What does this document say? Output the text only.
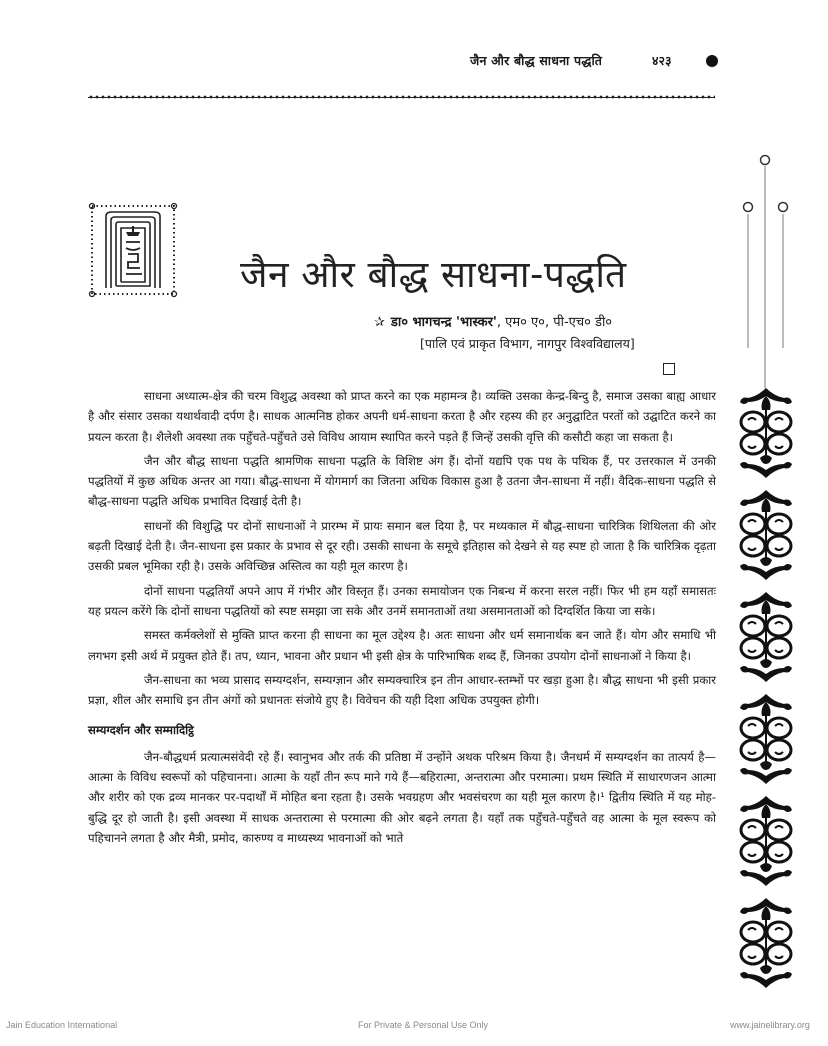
जैन और बौद्ध साधना पद्धति	४२३
जैन और बौद्ध साधना-पद्धति
✰ डा० भागचन्द्र 'भास्कर', एम० ए०, पी-एच० डी०
[पालि एवं प्राकृत विभाग, नागपुर विश्वविद्यालय]

साधना अध्यात्म-क्षेत्र की चरम विशुद्ध अवस्था को प्राप्त करने का एक महामन्त्र है। व्यक्ति उसका केन्द्र-बिन्दु है, समाज उसका बाह्य आधार है और संसार उसका यथार्थवादी दर्पण है। साधक आत्मनिष्ठ होकर अपनी धर्म-साधना करता है और रहस्य की हर अनुद्घाटित परतों को उद्घाटित करने का प्रयत्न करता है। शैलेशी अवस्था तक पहुँचते-पहुँचते उसे विविध आयाम स्थापित करने पड़ते हैं जिन्हें उसकी वृत्ति की कसौटी कहा जा सकता है।

जैन और बौद्ध साधना पद्धति श्रामणिक साधना पद्धति के विशिष्ट अंग हैं। दोनों यद्यपि एक पथ के पथिक हैं, पर उत्तरकाल में उनकी पद्धतियों में कुछ अधिक अन्तर आ गया। बौद्ध-साधना में योगमार्ग का जितना अधिक विकास हुआ है उतना जैन-साधना में नहीं। वैदिक-साधना पद्धति से बौद्ध-साधना पद्धति अधिक प्रभावित दिखाई देती है।

साधनों की विशुद्धि पर दोनों साधनाओं ने प्रारम्भ में प्रायः समान बल दिया है, पर मध्यकाल में बौद्ध-साधना चारित्रिक शिथिलता की ओर बढ़ती दिखाई देती है। जैन-साधना इस प्रकार के प्रभाव से दूर रही। उसकी साधना के समूचे इतिहास को देखने से यह स्पष्ट हो जाता है कि चारित्रिक दृढ़ता उसकी प्रबल भूमिका रही है। उसके अविच्छिन्न अस्तित्व का यही मूल कारण है।

दोनों साधना पद्धतियाँ अपने आप में गंभीर और विस्तृत हैं। उनका समायोजन एक निबन्ध में करना सरल नहीं। फिर भी हम यहाँ समासतः यह प्रयत्न करेंगे कि दोनों साधना पद्धतियों को स्पष्ट समझा जा सके और उनमें समानताओं तथा असमानताओं को दिग्दर्शित किया जा सके।

समस्त कर्मक्लेशों से मुक्ति प्राप्त करना ही साधना का मूल उद्देश्य है। अतः साधना और धर्म समानार्थक बन जाते हैं। योग और समाधि भी लगभग इसी अर्थ में प्रयुक्त होते हैं। तप, ध्यान, भावना और प्रधान भी इसी क्षेत्र के पारिभाषिक शब्द हैं, जिनका उपयोग दोनों साधनाओं ने किया है।

जैन-साधना का भव्य प्रासाद सम्यग्दर्शन, सम्यग्ज्ञान और सम्यक्चारित्र इन तीन आधार-स्तम्भों पर खड़ा हुआ है। बौद्ध साधना भी इसी प्रकार प्रज्ञा, शील और समाधि इन तीन अंगों को प्रधानतः संजोये हुए है। विवेचन की यही दिशा अधिक उपयुक्त होगी।

सम्यग्दर्शन और सम्मादिट्ठि

जैन-बौद्धधर्म प्रत्यात्मसंवेदी रहे हैं। स्वानुभव और तर्क की प्रतिष्ठा में उन्होंने अथक परिश्रम किया है। जैनधर्म में सम्यग्दर्शन का तात्पर्य है—आत्मा के विविध स्वरूपों को पहिचानना। आत्मा के यहाँ तीन रूप माने गये हैं—बहिरात्मा, अन्तरात्मा और परमात्मा। प्रथम स्थिति में साधारणजन आत्मा और शरीर को एक द्रव्य मानकर पर-पदार्थों में मोहित बना रहता है। उसके भवग्रहण और भवसंचरण का यही मूल कारण है।¹ द्वितीय स्थिति में यह मोह-बुद्धि दूर हो जाती है। इसी अवस्था में साधक अन्तरात्मा से परमात्मा की ओर बढ़ने लगता है। यहाँ तक पहुँचते-पहुँचते वह आत्मा के मूल स्वरूप को पहिचानने लगता है और मैत्री, प्रमोद, कारुण्य व माध्यस्थ्य भावनाओं को भाते

Jain Education International	For Private & Personal Use Only	www.jainelibrary.org
